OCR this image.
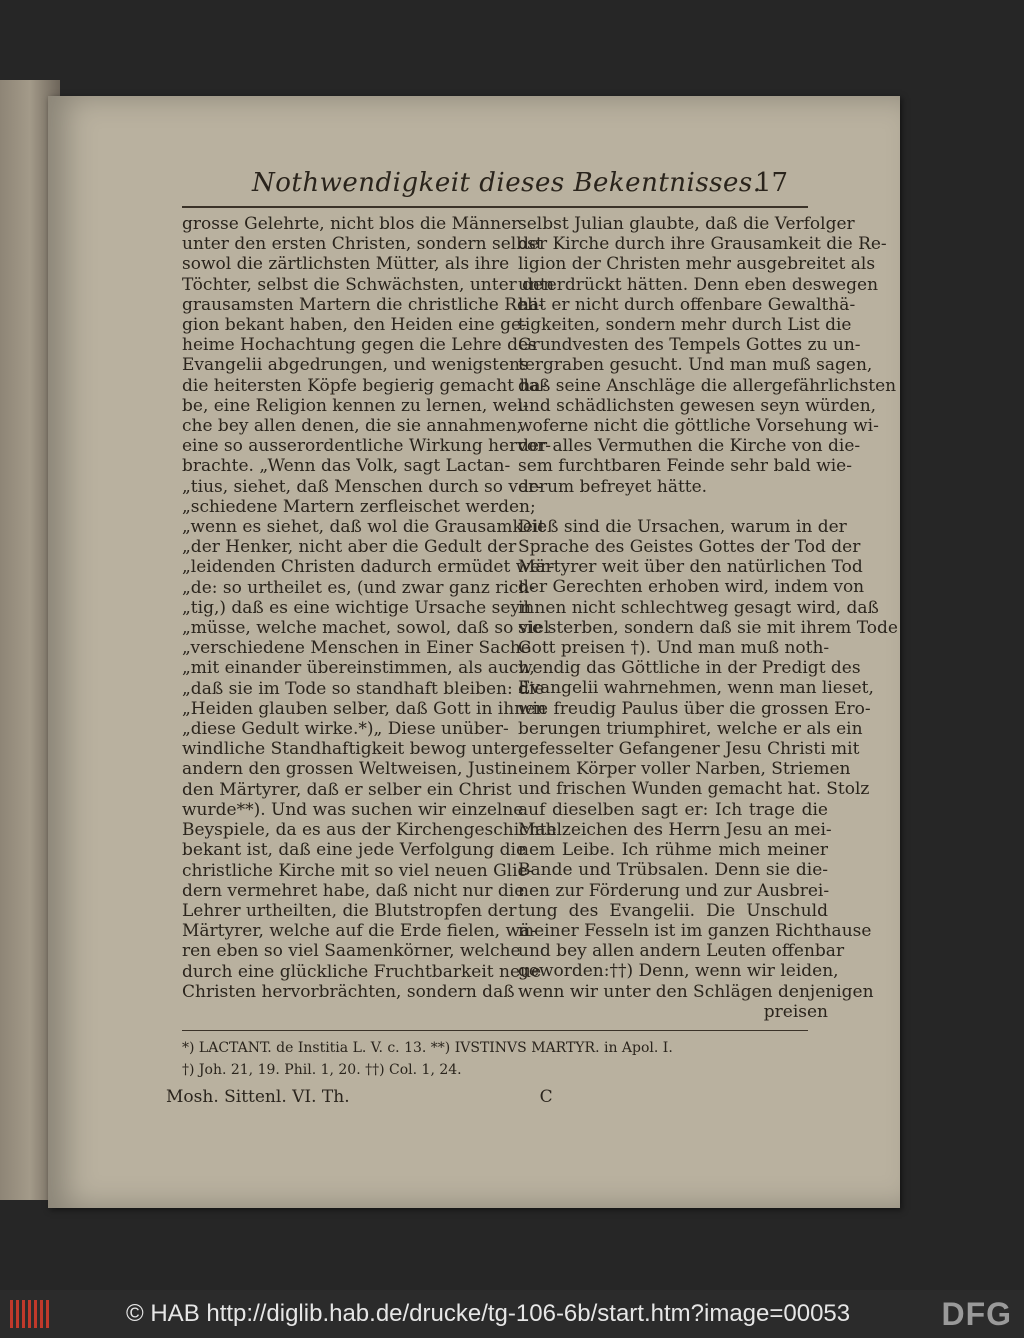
Nothwendigkeit dieses Bekentnisses.
17
grosse Gelehrte, nicht blos die Männer
unter den ersten Christen, sondern selbst
sowol die zärtlichsten Mütter, als ihre
Töchter, selbst die Schwächsten, unter den
grausamsten Martern die christliche Reli-
gion bekant haben, den Heiden eine ge-
heime Hochachtung gegen die Lehre des
Evangelii abgedrungen, und wenigstens
die heitersten Köpfe begierig gemacht ha-
be, eine Religion kennen zu lernen, wel-
che bey allen denen, die sie annahmen,
eine so ausserordentliche Wirkung hervor-
brachte. „Wenn das Volk, sagt Lactan-
„tius, siehet, daß Menschen durch so ver-
„schiedene Martern zerfleischet werden;
„wenn es siehet, daß wol die Grausamkeit
„der Henker, nicht aber die Gedult der
„leidenden Christen dadurch ermüdet wer-
„de: so urtheilet es, (und zwar ganz rich-
„tig,) daß es eine wichtige Ursache seyn
„müsse, welche machet, sowol, daß so viel
„verschiedene Menschen in Einer Sache
„mit einander übereinstimmen, als auch,
„daß sie im Tode so standhaft bleiben: die
„Heiden glauben selber, daß Gott in ihnen
„diese Gedult wirke.*)„ Diese unüber-
windliche Standhaftigkeit bewog unter
andern den grossen Weltweisen, Justin
den Märtyrer, daß er selber ein Christ
wurde**). Und was suchen wir einzelne
Beyspiele, da es aus der Kirchengeschichte
bekant ist, daß eine jede Verfolgung die
christliche Kirche mit so viel neuen Glie-
dern vermehret habe, daß nicht nur die
Lehrer urtheilten, die Blutstropfen der
Märtyrer, welche auf die Erde fielen, wä-
ren eben so viel Saamenkörner, welche
durch eine glückliche Fruchtbarkeit neue
Christen hervorbrächten, sondern daß
selbst Julian glaubte, daß die Verfolger
der Kirche durch ihre Grausamkeit die Re-
ligion der Christen mehr ausgebreitet als
unterdrückt hätten. Denn eben deswegen
hat er nicht durch offenbare Gewalthä-
tigkeiten, sondern mehr durch List die
Grundvesten des Tempels Gottes zu un-
tergraben gesucht. Und man muß sagen,
daß seine Anschläge die allergefährlichsten
und schädlichsten gewesen seyn würden,
woferne nicht die göttliche Vorsehung wi-
der alles Vermuthen die Kirche von die-
sem furchtbaren Feinde sehr bald wie-
derum befreyet hätte.
Dieß sind die Ursachen, warum in der
Sprache des Geistes Gottes der Tod der
Märtyrer weit über den natürlichen Tod
der Gerechten erhoben wird, indem von
ihnen nicht schlechtweg gesagt wird, daß
sie sterben, sondern daß sie mit ihrem Tode
Gott preisen †). Und man muß noth-
wendig das Göttliche in der Predigt des
Evangelii wahrnehmen, wenn man lieset,
wie freudig Paulus über die grossen Ero-
berungen triumphiret, welche er als ein
gefesselter Gefangener Jesu Christi mit
einem Körper voller Narben, Striemen
und frischen Wunden gemacht hat. Stolz
auf dieselben sagt er: Ich trage die
Mahlzeichen des Herrn Jesu an mei-
nem Leibe. Ich rühme mich meiner
Bande und Trübsalen. Denn sie die-
nen zur Förderung und zur Ausbrei-
tung des Evangelii. Die Unschuld
meiner Fesseln ist im ganzen Richthause
und bey allen andern Leuten offenbar
geworden:††) Denn, wenn wir leiden,
wenn wir unter den Schlägen denjenigen
preisen
*) LACTANT. de Institia L. V. c. 13. **) IVSTINVS MARTYR. in Apol. I.
†) Joh. 21, 19. Phil. 1, 20. ††) Col. 1, 24.
Mosh. Sittenl. VI. Th.	C
© HAB http://diglib.hab.de/drucke/tg-106-6b/start.htm?image=00053	DFG
